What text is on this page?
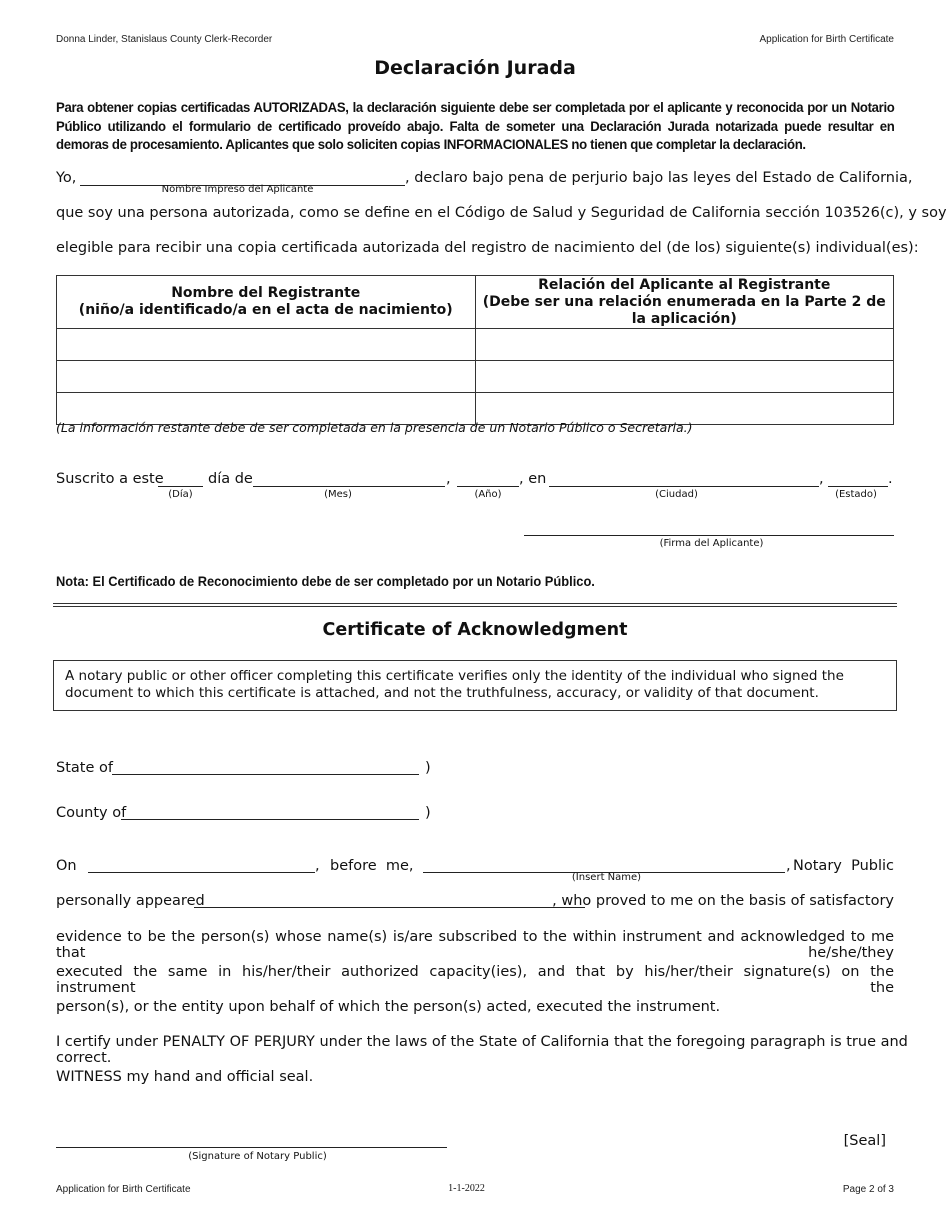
Donna Linder, Stanislaus County Clerk-Recorder	Application for Birth Certificate
Declaración Jurada
Para obtener copias certificadas AUTORIZADAS, la declaración siguiente debe ser completada por el aplicante y reconocida por un Notario Público utilizando el formulario de certificado proveído abajo. Falta de someter una Declaración Jurada notarizada puede resultar en demoras de procesamiento. Aplicantes que solo soliciten copias INFORMACIONALES no tienen que completar la declaración.
Yo,
Nombre Impreso del Aplicante
, declaro bajo pena de perjurio bajo las leyes del Estado de California,
que soy una persona autorizada, como se define en el Código de Salud y Seguridad de California sección 103526(c), y soy
elegible para recibir una copia certificada autorizada del registro de nacimiento del (de los) siguiente(s) individual(es):
Nombre del Registrante
(niño/a identificado/a en el acta de nacimiento)	Relación del Aplicante al Registrante
(Debe ser una relación enumerada en la Parte 2 de la aplicación)

(La información restante debe de ser completada en la presencia de un Notario Público o Secretaria.)
Suscrito a este
(Día)
día de
(Mes)
,
(Año)
, en
(Ciudad)
,
(Estado)
.
(Firma del Aplicante)
Nota: El Certificado de Reconocimiento debe de ser completado por un Notario Público.
Certificate of Acknowledgment
A notary public or other officer completing this certificate verifies only the identity of the individual who signed the document to which this certificate is attached, and not the truthfulness, accuracy, or validity of that document.
State of	)
County of	)
On	, before  me,
(Insert Name)
, Notary  Public
personally appeared	, who proved to me on the basis of satisfactory
evidence to be the person(s) whose name(s) is/are subscribed to the within instrument and acknowledged to me that he/she/they
executed the same in his/her/their authorized capacity(ies), and that by his/her/their signature(s) on the instrument the
person(s), or the entity upon behalf of which the person(s) acted, executed the instrument.
I certify under PENALTY OF PERJURY under the laws of the State of California that the foregoing paragraph is true and correct.
WITNESS my hand and official seal.
[Seal]
(Signature of Notary Public)
Application for Birth Certificate	1-1-2022	Page 2 of 3
